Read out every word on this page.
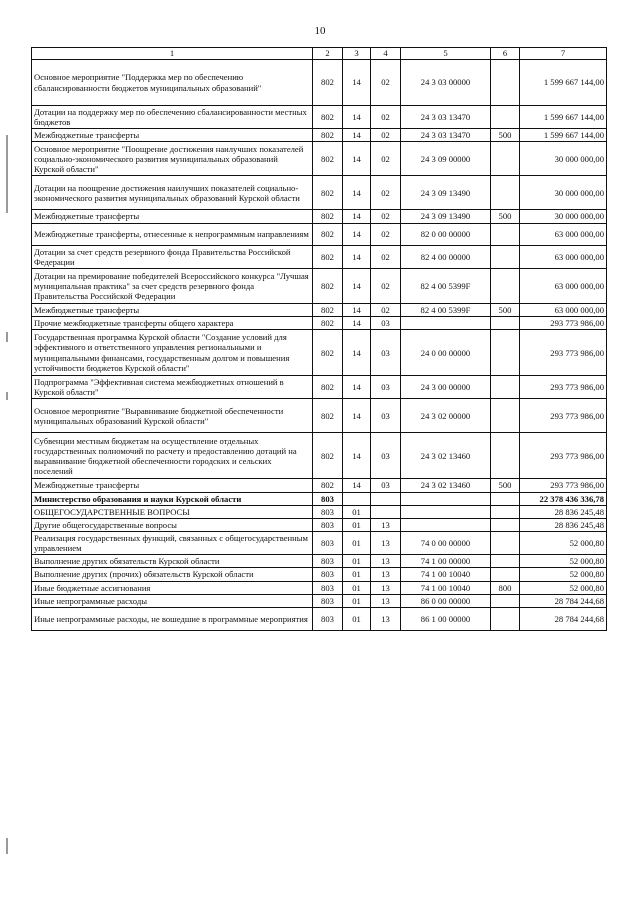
10
1	2	3	4	5	6	7
Основное мероприятие "Поддержка мер по обеспечению сбалансированности бюджетов муниципальных образований"	802	14	02	24 3 03 00000		1 599 667 144,00
Дотации на поддержку мер по обеспечению сбалансированности местных бюджетов	802	14	02	24 3 03 13470		1 599 667 144,00
Межбюджетные трансферты	802	14	02	24 3 03 13470	500	1 599 667 144,00
Основное мероприятие "Поощрение достижения наилучших показателей социально-экономического развития муниципальных образований Курской области"	802	14	02	24 3 09 00000		30 000 000,00
Дотации на поощрение достижения наилучших показателей социально-экономического развития муниципальных образований Курской области	802	14	02	24 3 09 13490		30 000 000,00
Межбюджетные трансферты	802	14	02	24 3 09 13490	500	30 000 000,00
Межбюджетные трансферты, отнесенные к непрограммным направлениям	802	14	02	82 0 00 00000		63 000 000,00
Дотации за счет средств резервного фонда Правительства Российской Федерации	802	14	02	82 4 00 00000		63 000 000,00
Дотации на премирование победителей Всероссийского конкурса "Лучшая муниципальная практика" за счет средств резервного фонда Правительства Российской Федерации	802	14	02	82 4 00 5399F		63 000 000,00
Межбюджетные трансферты	802	14	02	82 4 00 5399F	500	63 000 000,00
Прочие межбюджетные трансферты общего характера	802	14	03			293 773 986,00
Государственная программа Курской области "Создание условий для эффективного и ответственного управления региональными и муниципальными финансами, государственным долгом и повышения устойчивости бюджетов Курской области"	802	14	03	24 0 00 00000		293 773 986,00
Подпрограмма "Эффективная система межбюджетных отношений в Курской области"	802	14	03	24 3 00 00000		293 773 986,00
Основное мероприятие "Выравнивание бюджетной обеспеченности муниципальных образований Курской области"	802	14	03	24 3 02 00000		293 773 986,00
Субвенции местным бюджетам на осуществление отдельных государственных полномочий по расчету и предоставлению дотаций на выравнивание бюджетной обеспеченности городских и сельских поселений	802	14	03	24 3 02 13460		293 773 986,00
Межбюджетные трансферты	802	14	03	24 3 02 13460	500	293 773 986,00
Министерство образования и науки Курской области	803					22 378 436 336,78
ОБЩЕГОСУДАРСТВЕННЫЕ ВОПРОСЫ	803	01				28 836 245,48
Другие общегосударственные вопросы	803	01	13			28 836 245,48
Реализация государственных функций, связанных с общегосударственным управлением	803	01	13	74 0 00 00000		52 000,80
Выполнение других обязательств Курской области	803	01	13	74 1 00 00000		52 000,80
Выполнение других (прочих) обязательств Курской области	803	01	13	74 1 00 10040		52 000,80
Иные бюджетные ассигнования	803	01	13	74 1 00 10040	800	52 000,80
Иные непрограммные расходы	803	01	13	86 0 00 00000		28 784 244,68
Иные непрограммные расходы, не вошедшие в программные мероприятия	803	01	13	86 1 00 00000		28 784 244,68
